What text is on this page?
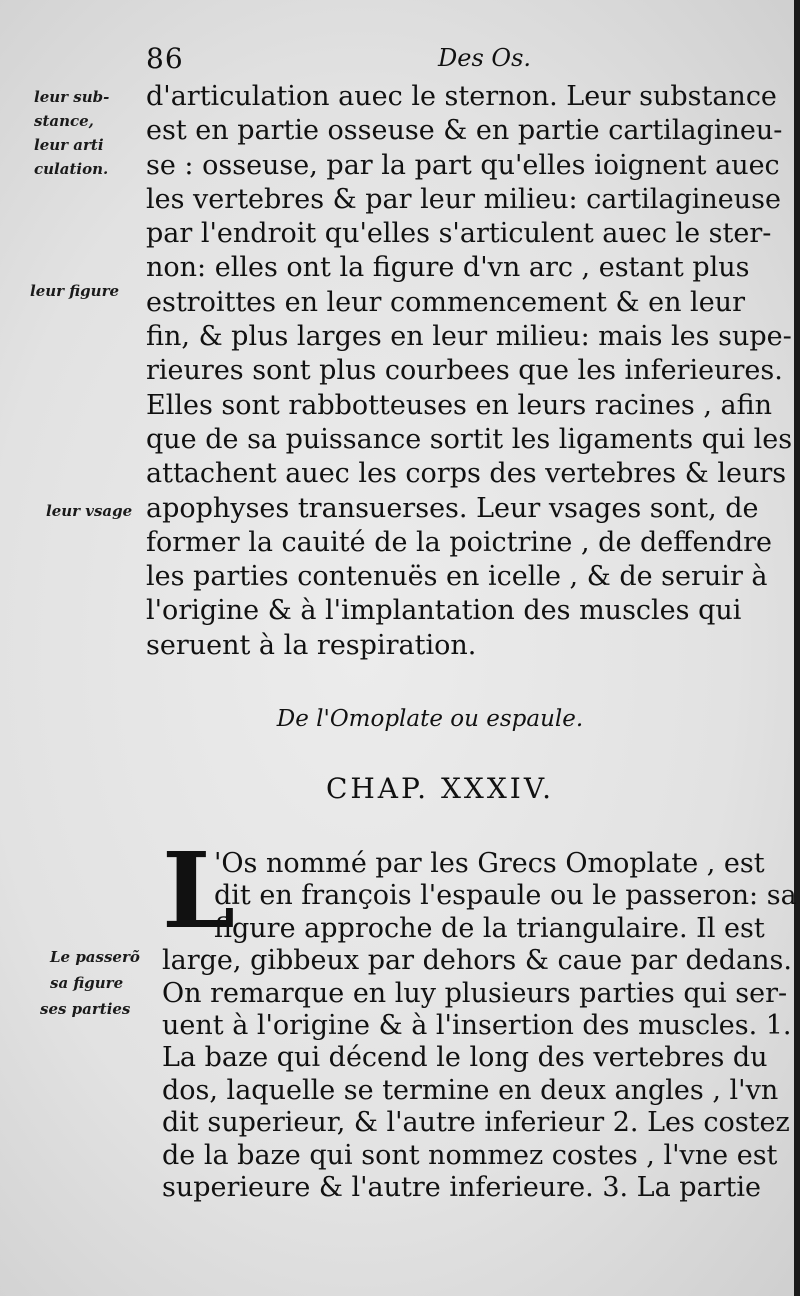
86	Des Os.
leur sub-
stance,
leur arti
culation.
leur figure
leur vsage
Le passerõ
sa figure
ses parties
d'articulation auec le sternon. Leur substance
est en partie osseuse & en partie cartilagineu-
se : osseuse, par la part qu'elles ioignent auec
les vertebres & par leur milieu: cartilagineuse
par l'endroit qu'elles s'articulent auec le ster-
non: elles ont la figure d'vn arc , estant plus
estroittes en leur commencement & en leur
fin, & plus larges en leur milieu: mais les supe-
rieures sont plus courbees que les inferieures.
Elles sont rabbotteuses en leurs racines , afin
que de sa puissance sortit les ligaments qui les
attachent auec les corps des vertebres & leurs
apophyses transuerses. Leur vsages sont, de
former la cauité de la poictrine , de deffendre
les parties contenuës en icelle , & de seruir à
l'origine & à l'implantation des muscles qui
seruent à la respiration.
De l'Omoplate ou espaule.
CHAP. XXXIV.
L
'Os nommé par les Grecs Omoplate , est
dit en françois l'espaule ou le passeron: sa
figure approche de la triangulaire. Il est
large, gibbeux par dehors & caue par dedans.
On remarque en luy plusieurs parties qui ser-
uent à l'origine & à l'insertion des muscles. 1.
La baze qui décend le long des vertebres du
dos, laquelle se termine en deux angles , l'vn
dit superieur, & l'autre inferieur 2. Les costez
de la baze qui sont nommez costes , l'vne est
superieure & l'autre inferieure. 3. La partie
